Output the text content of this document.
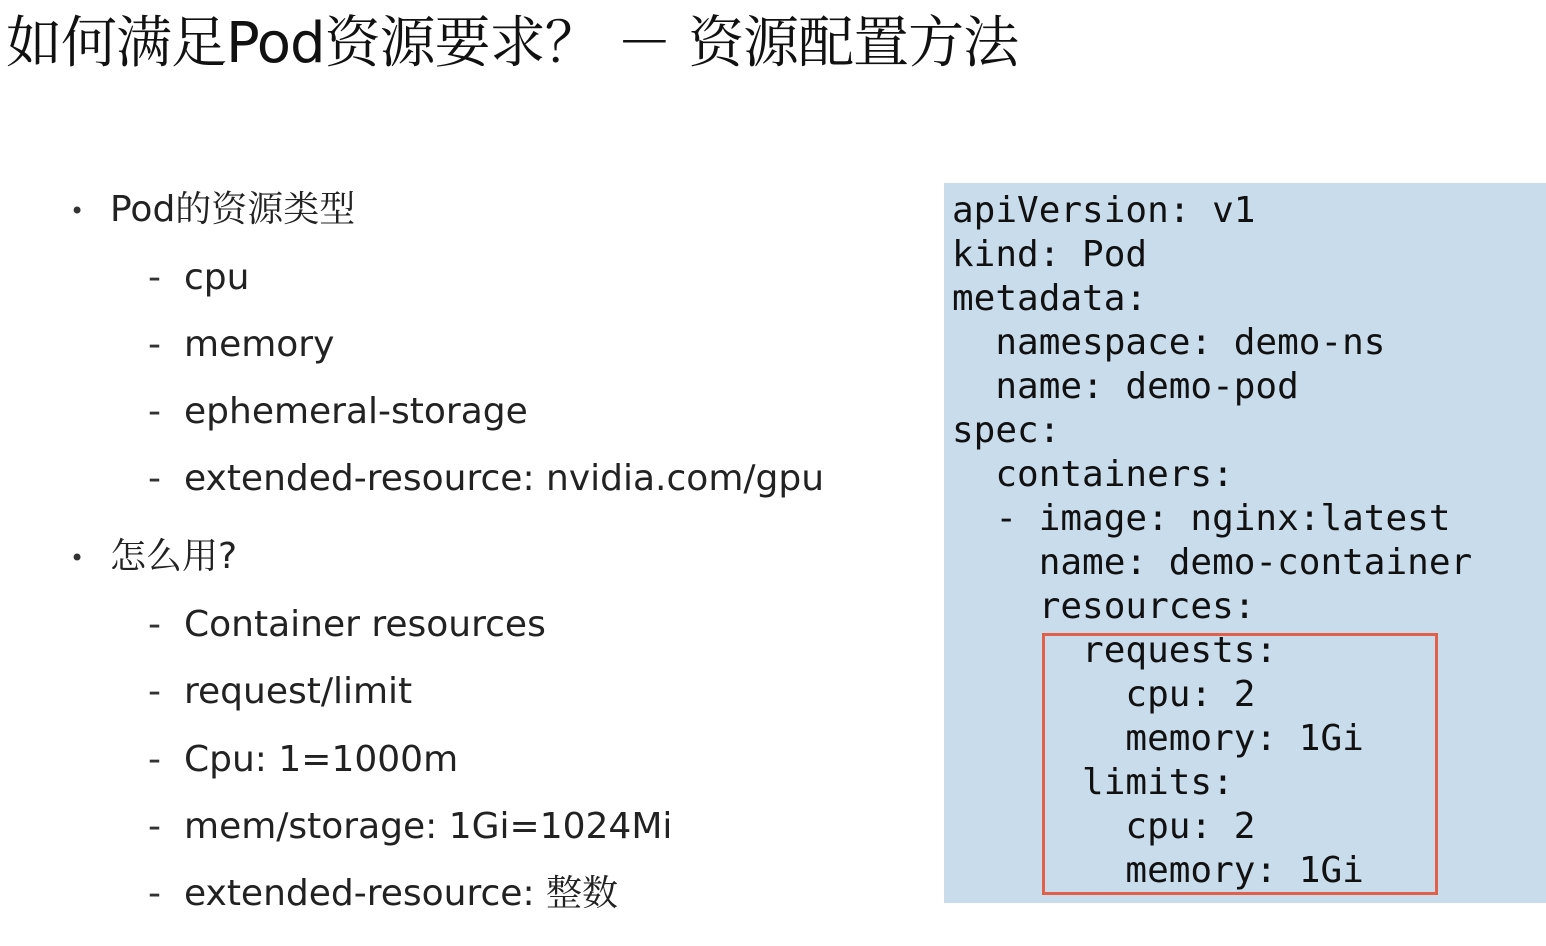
如何满足Pod资源要求？ － 资源配置方法
• Pod的资源类型
- cpu
- memory
- ephemeral-storage
- extended-resource: nvidia.com/gpu
• 怎么用?
- Container resources
- request/limit
- Cpu: 1=1000m
- mem/storage: 1Gi=1024Mi
- extended-resource: 整数
apiVersion: v1
kind: Pod
metadata:
namespace: demo-ns
name: demo-pod
spec:
containers:
- image: nginx:latest
name: demo-container
resources:
requests:
cpu: 2
memory: 1Gi
limits:
cpu: 2
memory: 1Gi
